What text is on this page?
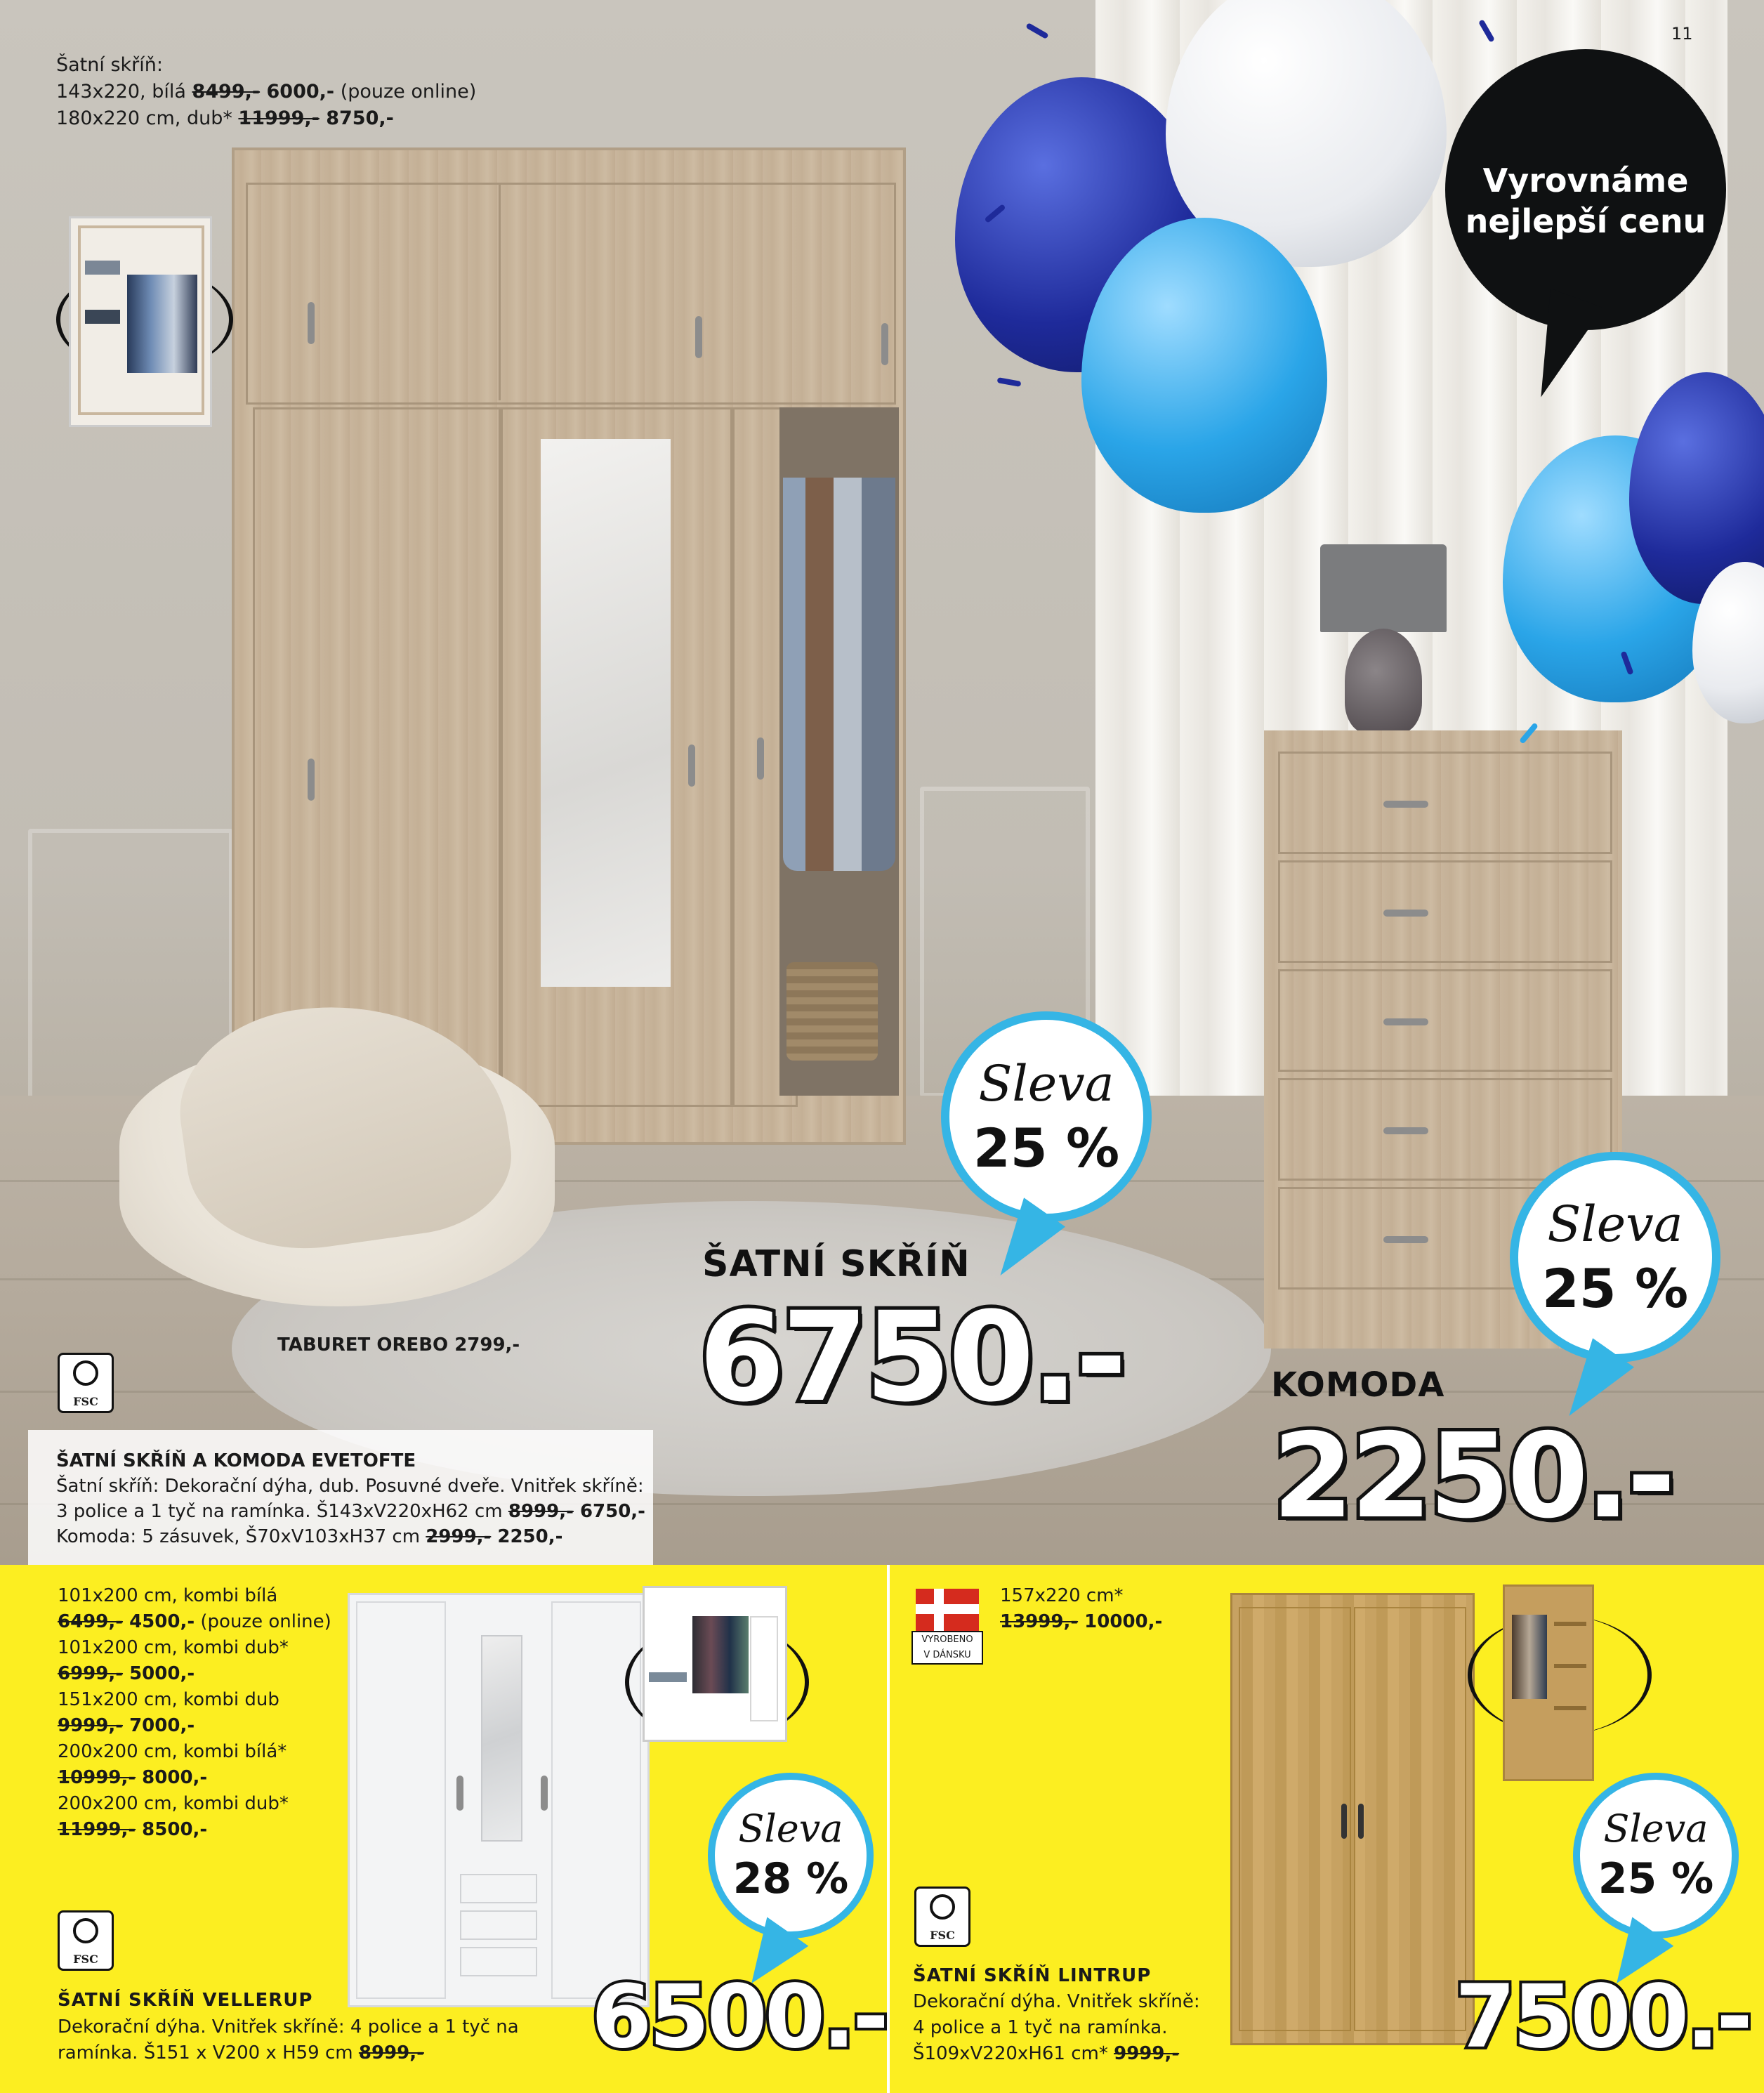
11
Šatní skříň:
143x220, bílá 8499,- 6000,- (pouze online)
180x220 cm, dub* 11999,- 8750,-
Vyrovnáme
nejlepší cenu
Sleva
25 %
Sleva
25 %
ŠATNÍ SKŘÍŇ
6750.-	KOMODA
2250.-
TABURET OREBO 2799,-
FSC
ŠATNÍ SKŘÍŇ A KOMODA EVETOFTE
Šatní skříň: Dekorační dýha, dub. Posuvné dveře. Vnitřek skříně:
3 police a 1 tyč na ramínka. Š143xV220xH62 cm 8999,- 6750,-
Komoda: 5 zásuvek, Š70xV103xH37 cm 2999,- 2250,-
101x200 cm, kombi bílá
6499,- 4500,- (pouze online)
101x200 cm, kombi dub*
6999,- 5000,-
151x200 cm, kombi dub
9999,- 7000,-
200x200 cm, kombi bílá*
10999,- 8000,-
200x200 cm, kombi dub*
11999,- 8500,-	Sleva
28 %
FSC
ŠATNÍ SKŘÍŇ VELLERUP
Dekorační dýha. Vnitřek skříně: 4 police a 1 tyč na
ramínka. Š151 x V200 x H59 cm 8999,- 6500.-
VYROBENO
V DÁNSKU
157x220 cm*
13999,- 10000,-
Sleva
25 %
FSC
ŠATNÍ SKŘÍŇ LINTRUP
Dekorační dýha. Vnitřek skříně:
4 police a 1 tyč na ramínka.
Š109xV220xH61 cm* 9999,-	7500.-
